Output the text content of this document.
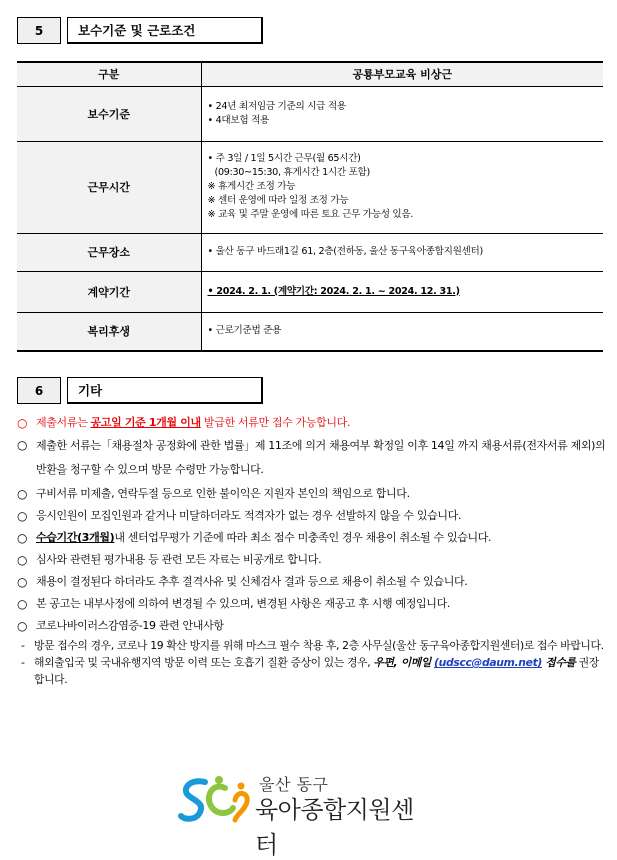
5	보수기준 및 근로조건
구분	공룡부모교육 비상근
보수기준	• 24년 최저임금 기준의 시급 적용
• 4대보험 적용

근무시간	• 주 3일 / 1일 5시간 근무(월 65시간)
(09:30~15:30, 휴게시간 1시간 포함)
※ 휴게시간 조정 가능
※ 센터 운영에 따라 일정 조정 가능
※ 교육 및 주말 운영에 따른 토요 근무 가능성 있음.

근무장소	• 울산 동구 바드래1길 61, 2층(전하동, 울산 동구육아종합지원센터)

계약기간	• 2024. 2. 1. (계약기간: 2024. 2. 1. ~ 2024. 12. 31.)

복리후생	• 근로기준법 준용
6	기타
○ 제출서류는 공고일 기준 1개월 이내 발급한 서류만 접수 가능합니다.
○ 제출한 서류는「채용절차 공정화에 관한 법률」제 11조에 의거 채용여부 확정일 이후 14일 까지 채용서류(전자서류 제외)의 반환을 청구할 수 있으며 방문 수령만 가능합니다.
○ 구비서류 미제출, 연락두절 등으로 인한 불이익은 지원자 본인의 책임으로 합니다.
○ 응시인원이 모집인원과 같거나 미달하더라도 적격자가 없는 경우 선발하지 않을 수 있습니다.
○ 수습기간(3개월)내 센터업무평가 기준에 따라 최소 점수 미충족인 경우 채용이 취소될 수 있습니다.
○ 심사와 관련된 평가내용 등 관련 모든 자료는 비공개로 합니다.
○ 채용이 결정된다 하더라도 추후 결격사유 및 신체검사 결과 등으로 채용이 취소될 수 있습니다.
○ 본 공고는 내부사정에 의하여 변경될 수 있으며, 변경된 사항은 재공고 후 시행 예정입니다.
○ 코로나바이러스감염증-19 관련 안내사항
- 방문 접수의 경우, 코로나 19 확산 방지를 위해 마스크 필수 착용 후, 2층 사무실(울산 동구육아종합지원센터)로 접수 바랍니다.
- 해외출입국 및 국내유행지역 방문 이력 또는 호흡기 질환 증상이 있는 경우, 우편, 이메일 (udscc@daum.net) 접수를 권장합니다.
울산 동구
육아종합지원센터
